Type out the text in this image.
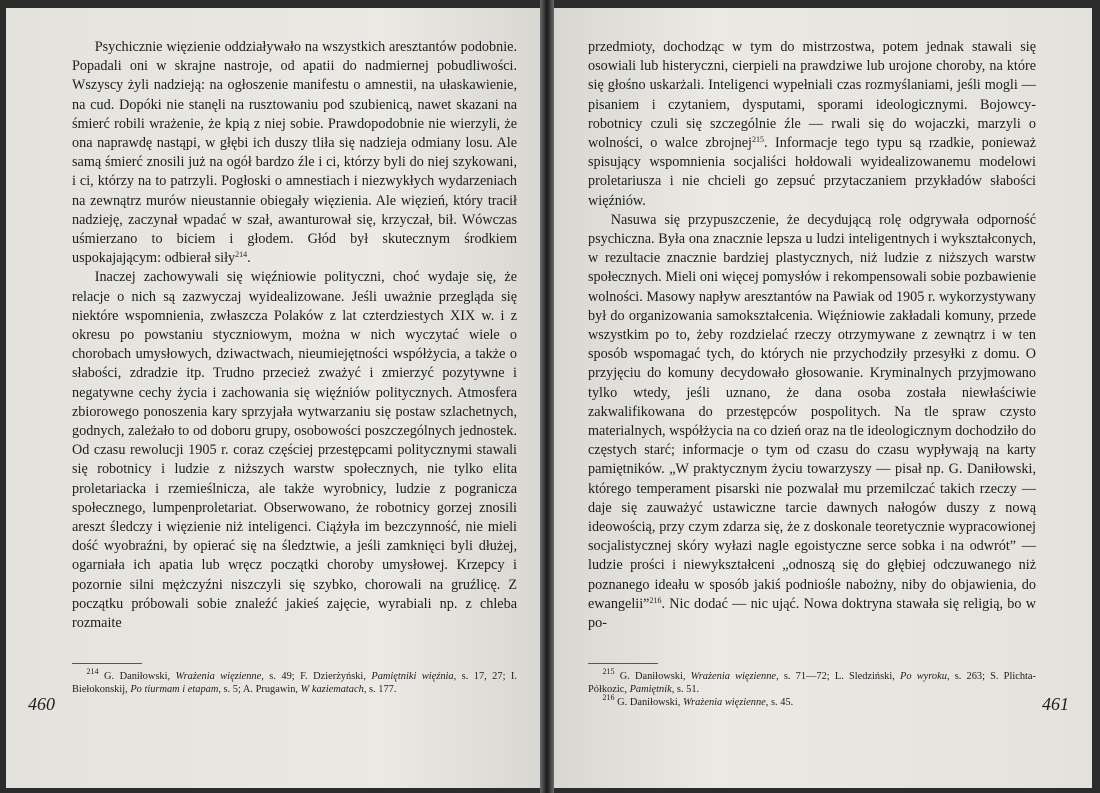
Psychicznie więzienie oddziaływało na wszystkich aresztantów podobnie. Popadali oni w skrajne nastroje, od apatii do nadmiernej pobudliwości. Wszyscy żyli nadzieją: na ogłoszenie manifestu o amnestii, na ułaskawienie, na cud. Dopóki nie stanęli na rusztowaniu pod szubienicą, nawet skazani na śmierć robili wrażenie, że kpią z niej sobie. Prawdopodobnie nie wierzyli, że ona naprawdę nastąpi, w głębi ich duszy tliła się nadzieja odmiany losu. Ale samą śmierć znosili już na ogół bardzo źle i ci, którzy byli do niej szykowani, i ci, którzy na to patrzyli. Pogłoski o amnestiach i niezwykłych wydarzeniach na zewnątrz murów nieustannie obiegały więzienia. Ale więzień, który tracił nadzieję, zaczynał wpadać w szał, awanturował się, krzyczał, bił. Wówczas uśmierzano to biciem i głodem. Głód był skutecznym środkiem uspokajającym: odbierał siły$^{214}$.

Inaczej zachowywali się więźniowie polityczni, choć wydaje się, że relacje o nich są zazwyczaj wyidealizowane. Jeśli uważnie przegląda się niektóre wspomnienia, zwłaszcza Polaków z lat czterdziestych XIX w. i z okresu po powstaniu styczniowym, można w nich wyczytać wiele o chorobach umysłowych, dziwactwach, nieumiejętności współżycia, a także o słabości, zdradzie itp. Trudno przecież zważyć i zmierzyć pozytywne i negatywne cechy życia i zachowania się więźniów politycznych. Atmosfera zbiorowego ponoszenia kary sprzyjała wytwarzaniu się postaw szlachetnych, godnych, zależało to od doboru grupy, osobowości poszczególnych jednostek. Od czasu rewolucji 1905 r. coraz częściej przestępcami politycznymi stawali się robotnicy i ludzie z niższych warstw społecznych, nie tylko elita proletariacka i rzemieślnicza, ale także wyrobnicy, ludzie z pogranicza społecznego, lumpenproletariat. Obserwowano, że robotnicy gorzej znosili areszt śledczy i więzienie niż inteligenci. Ciążyła im bezczynność, nie mieli dość wyobraźni, by opierać się na śledztwie, a jeśli zamknięci byli dłużej, ogarniała ich apatia lub wręcz początki choroby umysłowej. Krzepcy i pozornie silni mężczyźni niszczyli się szybko, chorowali na gruźlicę. Z początku próbowali sobie znaleźć jakieś zajęcie, wyrabiali np. z chleba rozmaite

$^{214}$ G. Daniłowski, Wrażenia więzienne, s. 49; F. Dzierżyński, Pamiętniki więźnia, s. 17, 27; I. Biełokonskij, Po tiurmam i etapam, s. 5; A. Prugawin, W kaziematach, s. 177.

460

przedmioty, dochodząc w tym do mistrzostwa, potem jednak stawali się osowiali lub histeryczni, cierpieli na prawdziwe lub urojone choroby, na które się głośno uskarżali. Inteligenci wypełniali czas rozmyślaniami, jeśli mogli — pisaniem i czytaniem, dysputami, sporami ideologicznymi. Bojowcy-robotnicy czuli się szczególnie źle — rwali się do wojaczki, marzyli o wolności, o walce zbrojnej$^{215}$. Informacje tego typu są rzadkie, ponieważ spisujący wspomnienia socjaliści hołdowali wyidealizowanemu modelowi proletariusza i nie chcieli go zepsuć przytaczaniem przykładów słabości więźniów.

Nasuwa się przypuszczenie, że decydującą rolę odgrywała odporność psychiczna. Była ona znacznie lepsza u ludzi inteligentnych i wykształconych, w rezultacie znacznie bardziej plastycznych, niż ludzie z niższych warstw społecznych. Mieli oni więcej pomysłów i rekompensowali sobie pozbawienie wolności. Masowy napływ aresztantów na Pawiak od 1905 r. wykorzystywany był do organizowania samokształcenia. Więźniowie zakładali komuny, przede wszystkim po to, żeby rozdzielać rzeczy otrzymywane z zewnątrz i w ten sposób wspomagać tych, do których nie przychodziły przesyłki z domu. O przyjęciu do komuny decydowało głosowanie. Kryminalnych przyjmowano tylko wtedy, jeśli uznano, że dana osoba została niewłaściwie zakwalifikowana do przestępców pospolitych. Na tle spraw czysto materialnych, współżycia na co dzień oraz na tle ideologicznym dochodziło do częstych starć; informacje o tym od czasu do czasu wypływają na karty pamiętników. „W praktycznym życiu towarzyszy — pisał np. G. Daniłowski, którego temperament pisarski nie pozwalał mu przemilczać takich rzeczy — daje się zauważyć ustawiczne tarcie dawnych nałogów duszy z nową ideowością, przy czym zdarza się, że z doskonale teoretycznie wypracowionej socjalistycznej skóry wyłazi nagle egoistyczne serce sobka i na odwrót” — ludzie prości i niewykształceni „odnoszą się do głębiej odczuwanego niż poznanego ideału w sposób jakiś podniośle nabożny, niby do objawienia, do ewangelii”$^{216}$. Nic dodać — nic ująć. Nowa doktryna stawała się religią, bo w po-

$^{215}$ G. Daniłowski, Wrażenia więzienne, s. 71—72; L. Sledziński, Po wyroku, s. 263; S. Plichta-Półkozic, Pamiętnik, s. 51.

$^{216}$ G. Daniłowski, Wrażenia więzienne, s. 45.	461
